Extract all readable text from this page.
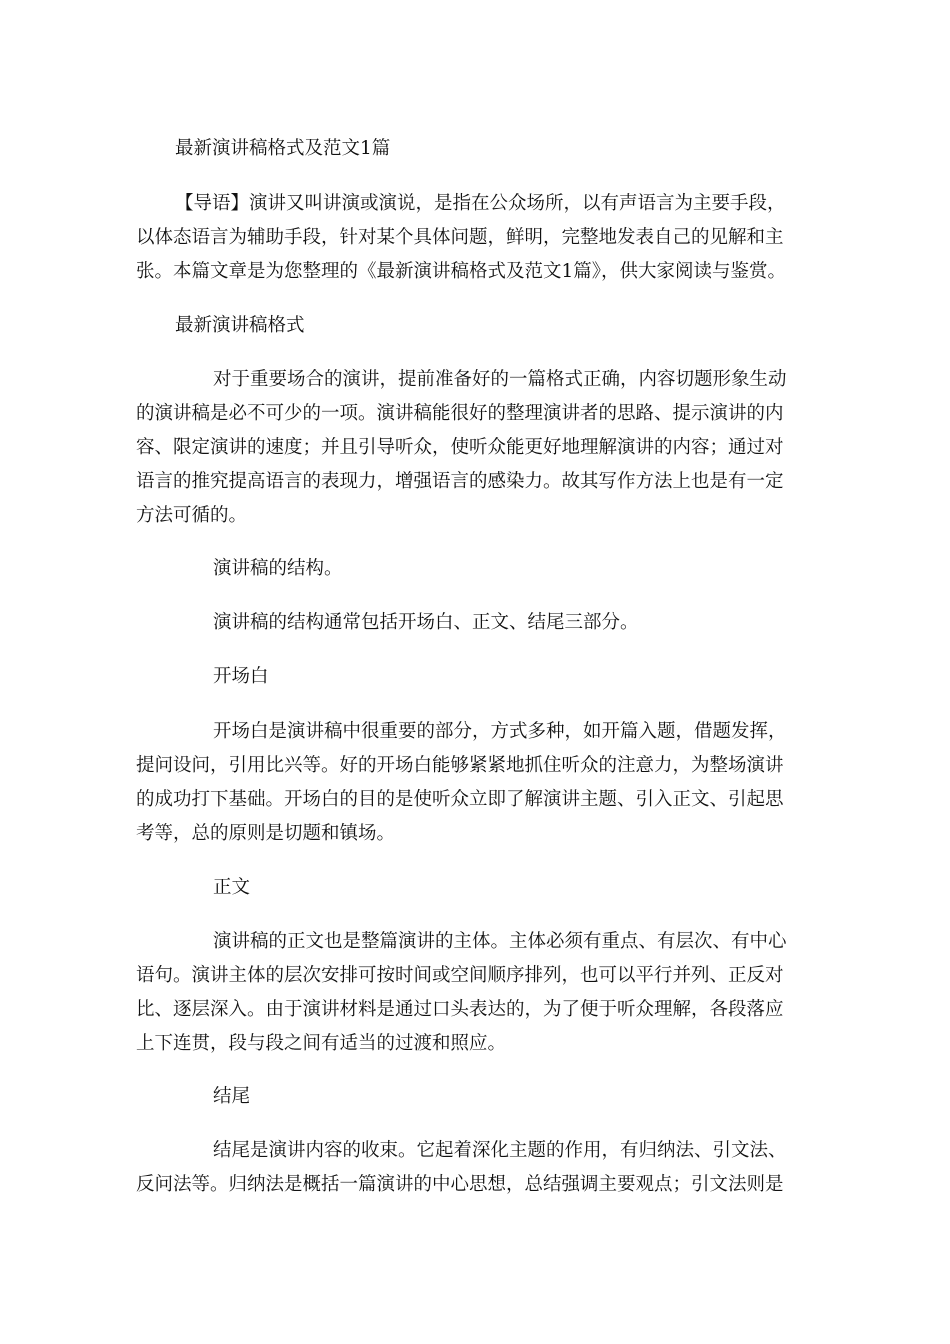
最新演讲稿格式及范文1篇
【导语】演讲又叫讲演或演说，是指在公众场所，以有声语言为主要手段，
以体态语言为辅助手段，针对某个具体问题，鲜明，完整地发表自己的见解和主
张。本篇文章是为您整理的《最新演讲稿格式及范文1篇》，供大家阅读与鉴赏。
最新演讲稿格式
对于重要场合的演讲，提前准备好的一篇格式正确，内容切题形象生动
的演讲稿是必不可少的一项。演讲稿能很好的整理演讲者的思路、提示演讲的内
容、限定演讲的速度；并且引导听众，使听众能更好地理解演讲的内容；通过对
语言的推究提高语言的表现力，增强语言的感染力。故其写作方法上也是有一定
方法可循的。
演讲稿的结构。
演讲稿的结构通常包括开场白、正文、结尾三部分。
开场白
开场白是演讲稿中很重要的部分，方式多种，如开篇入题，借题发挥，
提问设问，引用比兴等。好的开场白能够紧紧地抓住听众的注意力，为整场演讲
的成功打下基础。开场白的目的是使听众立即了解演讲主题、引入正文、引起思
考等，总的原则是切题和镇场。
正文
演讲稿的正文也是整篇演讲的主体。主体必须有重点、有层次、有中心
语句。演讲主体的层次安排可按时间或空间顺序排列，也可以平行并列、正反对
比、逐层深入。由于演讲材料是通过口头表达的，为了便于听众理解，各段落应
上下连贯，段与段之间有适当的过渡和照应。
结尾
结尾是演讲内容的收束。它起着深化主题的作用，有归纳法、引文法、
反问法等。归纳法是概括一篇演讲的中心思想，总结强调主要观点；引文法则是
